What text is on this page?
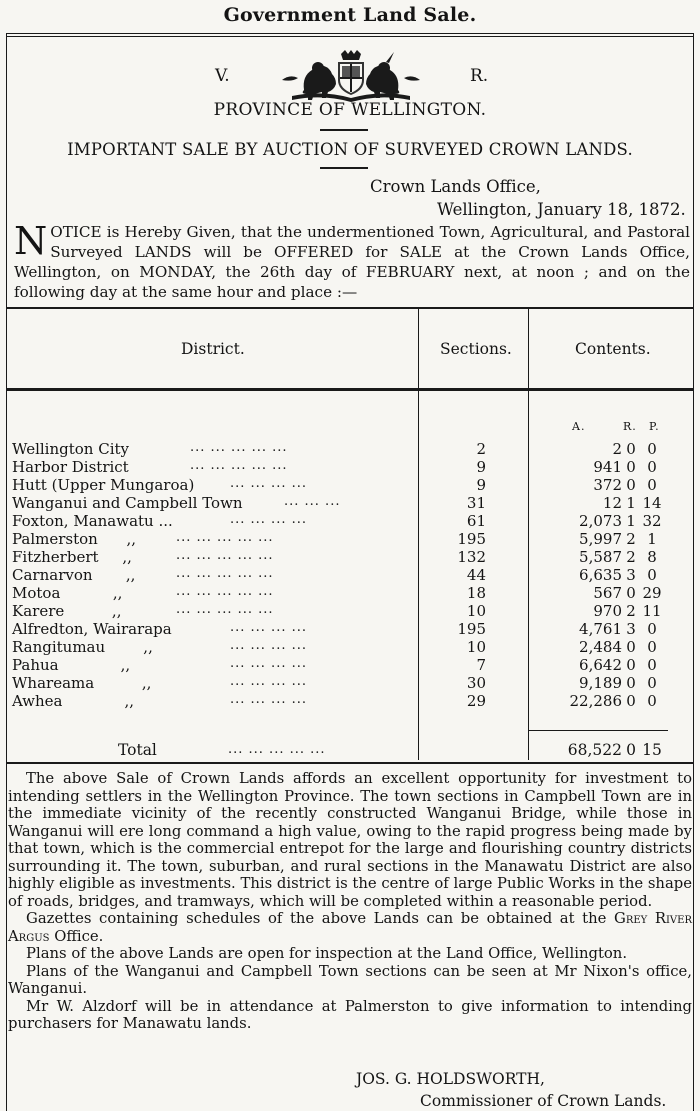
Government Land Sale.
V.	R.
PROVINCE OF WELLINGTON.
IMPORTANT SALE BY AUCTION OF SURVEYED CROWN LANDS.
Crown Lands Office,
Wellington, January 18, 1872.
NOTICE is Hereby Given, that the undermentioned Town, Agricultural, and Pastoral Surveyed LANDS will be OFFERED for SALE at the Crown Lands Office, Wellington, on MONDAY, the 26th day of FEBRUARY next, at noon ; and on the following day at the same hour and place :—
District.	Sections.	Contents.
A.	R. P.
Wellington City	... ... ... ... ...	2	2 0 0
Harbor District	... ... ... ... ...	9	941 0 0
Hutt (Upper Mungaroa)	... ... ... ...	9	372 0 0
Wanganui and Campbell Town	... ... ...	31	12 1 14
Foxton, Manawatu ...	... ... ... ...	61	2,073 1 32
Palmerston      ,,	... ... ... ... ...	195	5,997 2 1
Fitzherbert     ,,	... ... ... ... ...	132	5,587 2 8
Carnarvon       ,,	... ... ... ... ...	44	6,635 3 0
Motoa           ,,	... ... ... ... ...	18	567 0 29
Karere          ,,	... ... ... ... ...	10	970 2 11
Alfredton, Wairarapa	... ... ... ...	195	4,761 3 0
Rangitumau        ,,	... ... ... ...	10	2,484 0 0
Pahua             ,,	... ... ... ...	7	6,642 0 0
Whareama          ,,	... ... ... ...	30	9,189 0 0
Awhea             ,,	... ... ... ...	29	22,286 0 0
Total	... ... ... ... ...	68,522 0 15

The above Sale of Crown Lands affords an excellent opportunity for investment to intending settlers in the Wellington Province. The town sections in Campbell Town are in the immediate vicinity of the recently constructed Wanganui Bridge, while those in Wanganui will ere long command a high value, owing to the rapid progress being made by that town, which is the commercial entrepot for the large and flourishing country districts surrounding it. The town, suburban, and rural sections in the Manawatu District are also highly eligible as investments. This district is the centre of large Public Works in the shape of roads, bridges, and tramways, which will be completed within a reasonable period.

Gazettes containing schedules of the above Lands can be obtained at the Grey River Argus Office.

Plans of the above Lands are open for inspection at the Land Office, Wellington.

Plans of the Wanganui and Campbell Town sections can be seen at Mr Nixon's office, Wanganui.

Mr W. Alzdorf will be in attendance at Palmerston to give information to intending purchasers for Manawatu lands.

JOS. G. HOLDSWORTH,
Commissioner of Crown Lands.
